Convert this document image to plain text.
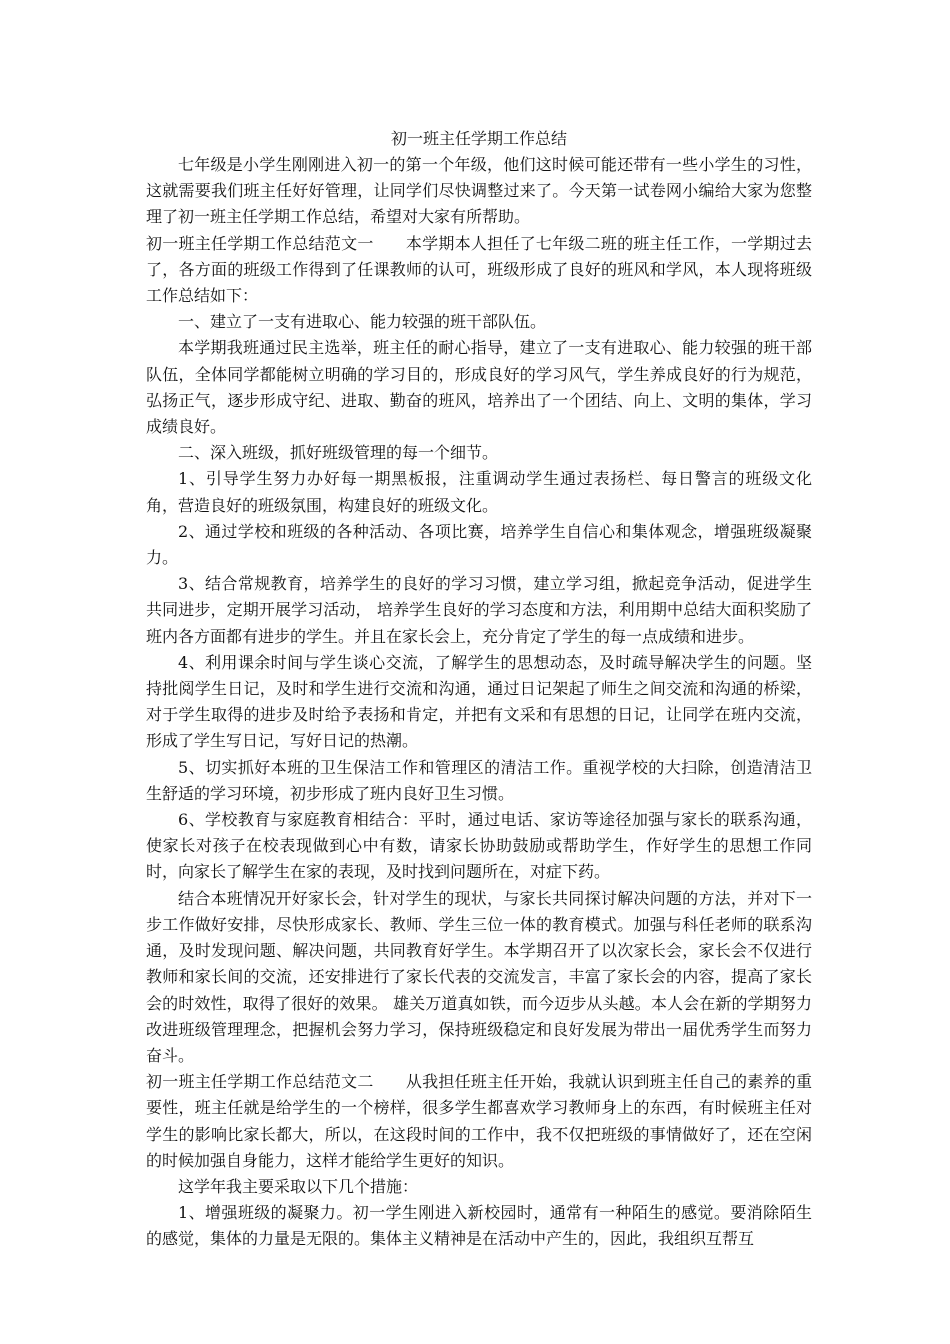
初一班主任学期工作总结

七年级是小学生刚刚进入初一的第一个年级，他们这时候可能还带有一些小学生的习性，这就需要我们班主任好好管理，让同学们尽快调整过来了。今天第一试卷网小编给大家为您整理了初一班主任学期工作总结，希望对大家有所帮助。

初一班主任学期工作总结范文一 本学期本人担任了七年级二班的班主任工作，一学期过去了，各方面的班级工作得到了任课教师的认可，班级形成了良好的班风和学风，本人现将班级工作总结如下：

一、建立了一支有进取心、能力较强的班干部队伍。

本学期我班通过民主选举，班主任的耐心指导，建立了一支有进取心、能力较强的班干部队伍，全体同学都能树立明确的学习目的，形成良好的学习风气，学生养成良好的行为规范，弘扬正气，逐步形成守纪、进取、勤奋的班风，培养出了一个团结、向上、文明的集体，学习成绩良好。

二、深入班级，抓好班级管理的每一个细节。

1、引导学生努力办好每一期黑板报，注重调动学生通过表扬栏、每日警言的班级文化角，营造良好的班级氛围，构建良好的班级文化。

2、通过学校和班级的各种活动、各项比赛，培养学生自信心和集体观念，增强班级凝聚力。

3、结合常规教育，培养学生的良好的学习习惯，建立学习组，掀起竞争活动，促进学生共同进步，定期开展学习活动， 培养学生良好的学习态度和方法，利用期中总结大面积奖励了班内各方面都有进步的学生。并且在家长会上，充分肯定了学生的每一点成绩和进步。

4、利用课余时间与学生谈心交流，了解学生的思想动态，及时疏导解决学生的问题。坚持批阅学生日记，及时和学生进行交流和沟通，通过日记架起了师生之间交流和沟通的桥梁，对于学生取得的进步及时给予表扬和肯定，并把有文采和有思想的日记，让同学在班内交流，形成了学生写日记，写好日记的热潮。

5、切实抓好本班的卫生保洁工作和管理区的清洁工作。重视学校的大扫除，创造清洁卫生舒适的学习环境，初步形成了班内良好卫生习惯。

6、学校教育与家庭教育相结合：平时，通过电话、家访等途径加强与家长的联系沟通，使家长对孩子在校表现做到心中有数，请家长协助鼓励或帮助学生，作好学生的思想工作同时，向家长了解学生在家的表现，及时找到问题所在，对症下药。

结合本班情况开好家长会，针对学生的现状，与家长共同探讨解决问题的方法，并对下一步工作做好安排，尽快形成家长、教师、学生三位一体的教育模式。加强与科任老师的联系沟通，及时发现问题、解决问题，共同教育好学生。本学期召开了以次家长会，家长会不仅进行教师和家长间的交流，还安排进行了家长代表的交流发言，丰富了家长会的内容，提高了家长会的时效性，取得了很好的效果。 雄关万道真如铁，而今迈步从头越。本人会在新的学期努力改进班级管理理念，把握机会努力学习，保持班级稳定和良好发展为带出一届优秀学生而努力奋斗。

初一班主任学期工作总结范文二 从我担任班主任开始，我就认识到班主任自己的素养的重要性，班主任就是给学生的一个榜样，很多学生都喜欢学习教师身上的东西，有时候班主任对学生的影响比家长都大，所以，在这段时间的工作中，我不仅把班级的事情做好了，还在空闲的时候加强自身能力，这样才能给学生更好的知识。

这学年我主要采取以下几个措施：

1、增强班级的凝聚力。初一学生刚进入新校园时，通常有一种陌生的感觉。要消除陌生的感觉，集体的力量是无限的。集体主义精神是在活动中产生的，因此，我组织互帮互
